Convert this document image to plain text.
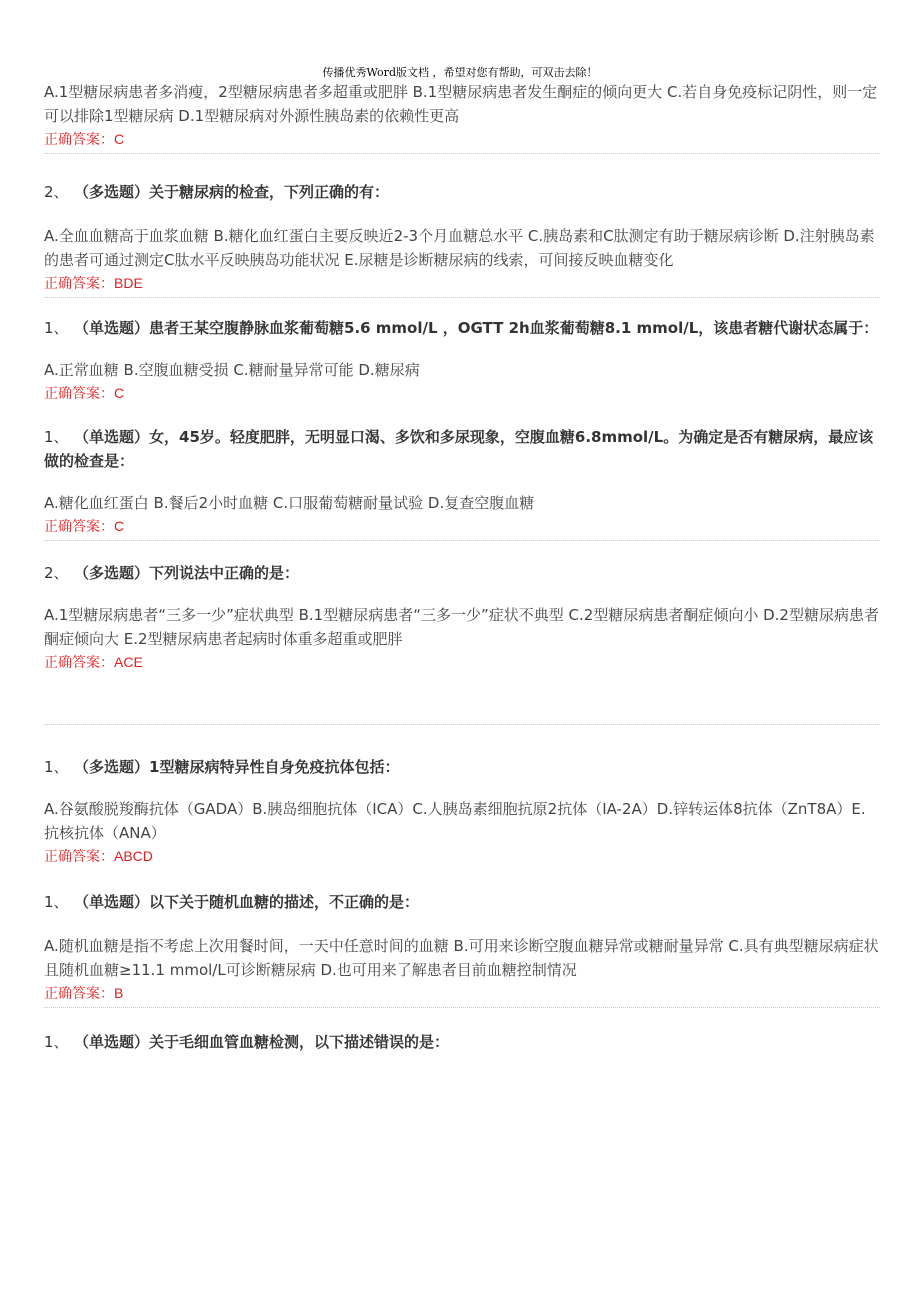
传播优秀Word版文档 ，希望对您有帮助，可双击去除！

A.1型糖尿病患者多消瘦，2型糖尿病患者多超重或肥胖 B.1型糖尿病患者发生酮症的倾向更大 C.若自身免疫标记阴性，则一定可以排除1型糖尿病 D.1型糖尿病对外源性胰岛素的依赖性更高

正确答案：C

2、 （多选题）关于糖尿病的检查，下列正确的有：

A.全血血糖高于血浆血糖 B.糖化血红蛋白主要反映近2-3个月血糖总水平 C.胰岛素和C肽测定有助于糖尿病诊断 D.注射胰岛素的患者可通过测定C肽水平反映胰岛功能状况 E.尿糖是诊断糖尿病的线索，可间接反映血糖变化

正确答案：BDE

1、 （单选题）患者王某空腹静脉血浆葡萄糖5.6 mmol/L ，OGTT 2h血浆葡萄糖8.1 mmol/L，该患者糖代谢状态属于：

A.正常血糖 B.空腹血糖受损 C.糖耐量异常可能 D.糖尿病

正确答案：C

1、 （单选题）女，45岁。轻度肥胖，无明显口渴、多饮和多尿现象，空腹血糖6.8mmol/L。为确定是否有糖尿病，最应该做的检查是：

A.糖化血红蛋白 B.餐后2小时血糖 C.口服葡萄糖耐量试验 D.复查空腹血糖

正确答案：C

2、 （多选题）下列说法中正确的是：

A.1型糖尿病患者“三多一少”症状典型 B.1型糖尿病患者“三多一少”症状不典型 C.2型糖尿病患者酮症倾向小 D.2型糖尿病患者酮症倾向大 E.2型糖尿病患者起病时体重多超重或肥胖

正确答案：ACE

1、 （多选题）1型糖尿病特异性自身免疫抗体包括：

A.谷氨酸脱羧酶抗体（GADA）B.胰岛细胞抗体（ICA）C.人胰岛素细胞抗原2抗体（IA-2A）D.锌转运体8抗体（ZnT8A）E.抗核抗体（ANA）

正确答案：ABCD

1、 （单选题）以下关于随机血糖的描述，不正确的是：

A.随机血糖是指不考虑上次用餐时间，一天中任意时间的血糖 B.可用来诊断空腹血糖异常或糖耐量异常 C.具有典型糖尿病症状且随机血糖≥11.1 mmol/L可诊断糖尿病 D.也可用来了解患者目前血糖控制情况

正确答案：B

1、 （单选题）关于毛细血管血糖检测，以下描述错误的是：
